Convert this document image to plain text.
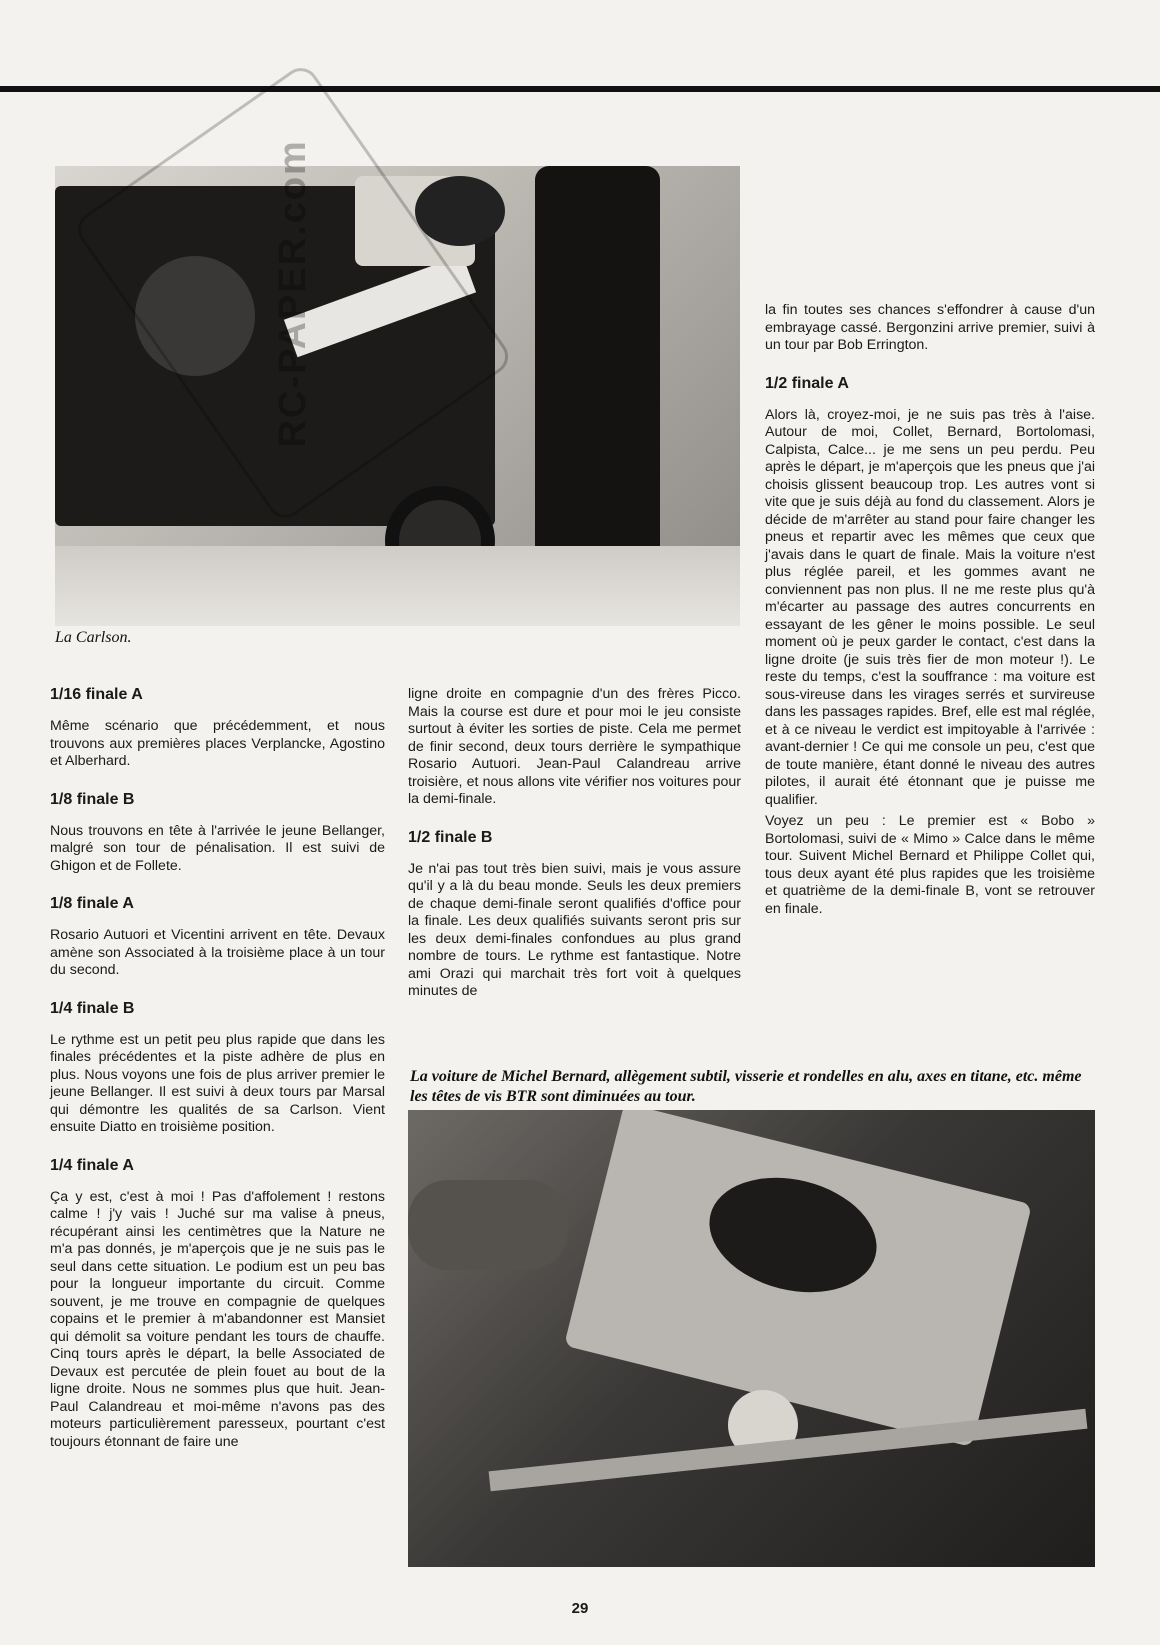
RC-PAPER.com
La Carlson.
1/16 finale A

Même scénario que précédemment, et nous trouvons aux premières places Verplancke, Agostino et Alberhard.

1/8 finale B

Nous trouvons en tête à l'arrivée le jeune Bellanger, malgré son tour de pénalisation. Il est suivi de Ghigon et de Follete.

1/8 finale A

Rosario Autuori et Vicentini arrivent en tête. Devaux amène son Associated à la troisième place à un tour du second.

1/4 finale B

Le rythme est un petit peu plus rapide que dans les finales précédentes et la piste adhère de plus en plus. Nous voyons une fois de plus arriver premier le jeune Bellanger. Il est suivi à deux tours par Marsal qui démontre les qualités de sa Carlson. Vient ensuite Diatto en troisième position.

1/4 finale A

Ça y est, c'est à moi ! Pas d'affolement ! restons calme ! j'y vais ! Juché sur ma valise à pneus, récupérant ainsi les centimètres que la Nature ne m'a pas donnés, je m'aperçois que je ne suis pas le seul dans cette situation. Le podium est un peu bas pour la longueur importante du circuit. Comme souvent, je me trouve en compagnie de quelques copains et le premier à m'abandonner est Mansiet qui démolit sa voiture pendant les tours de chauffe. Cinq tours après le départ, la belle Associated de Devaux est percutée de plein fouet au bout de la ligne droite. Nous ne sommes plus que huit. Jean-Paul Calandreau et moi-même n'avons pas des moteurs particulièrement paresseux, pourtant c'est toujours étonnant de faire une

ligne droite en compagnie d'un des frères Picco. Mais la course est dure et pour moi le jeu consiste surtout à éviter les sorties de piste. Cela me permet de finir second, deux tours derrière le sympathique Rosario Autuori. Jean-Paul Calandreau arrive troisière, et nous allons vite vérifier nos voitures pour la demi-finale.

1/2 finale B

Je n'ai pas tout très bien suivi, mais je vous assure qu'il y a là du beau monde. Seuls les deux premiers de chaque demi-finale seront qualifiés d'office pour la finale. Les deux qualifiés suivants seront pris sur les deux demi-finales confondues au plus grand nombre de tours. Le rythme est fantastique. Notre ami Orazi qui marchait très fort voit à quelques minutes de

la fin toutes ses chances s'effondrer à cause d'un embrayage cassé. Bergonzini arrive premier, suivi à un tour par Bob Errington.

1/2 finale A

Alors là, croyez-moi, je ne suis pas très à l'aise. Autour de moi, Collet, Bernard, Bortolomasi, Calpista, Calce... je me sens un peu perdu. Peu après le départ, je m'aperçois que les pneus que j'ai choisis glissent beaucoup trop. Les autres vont si vite que je suis déjà au fond du classement. Alors je décide de m'arrêter au stand pour faire changer les pneus et repartir avec les mêmes que ceux que j'avais dans le quart de finale. Mais la voiture n'est plus réglée pareil, et les gommes avant ne conviennent pas non plus. Il ne me reste plus qu'à m'écarter au passage des autres concurrents en essayant de les gêner le moins possible. Le seul moment où je peux garder le contact, c'est dans la ligne droite (je suis très fier de mon moteur !). Le reste du temps, c'est la souffrance : ma voiture est sous-vireuse dans les virages serrés et survireuse dans les passages rapides. Bref, elle est mal réglée, et à ce niveau le verdict est impitoyable à l'arrivée : avant-dernier ! Ce qui me console un peu, c'est que de toute manière, étant donné le niveau des autres pilotes, il aurait été étonnant que je puisse me qualifier.

Voyez un peu : Le premier est « Bobo » Bortolomasi, suivi de « Mimo » Calce dans le même tour. Suivent Michel Bernard et Philippe Collet qui, tous deux ayant été plus rapides que les troisième et quatrième de la demi-finale B, vont se retrouver en finale.

La voiture de Michel Bernard, allègement subtil, visserie et rondelles en alu, axes en titane, etc. même les têtes de vis BTR sont diminuées au tour.
29
